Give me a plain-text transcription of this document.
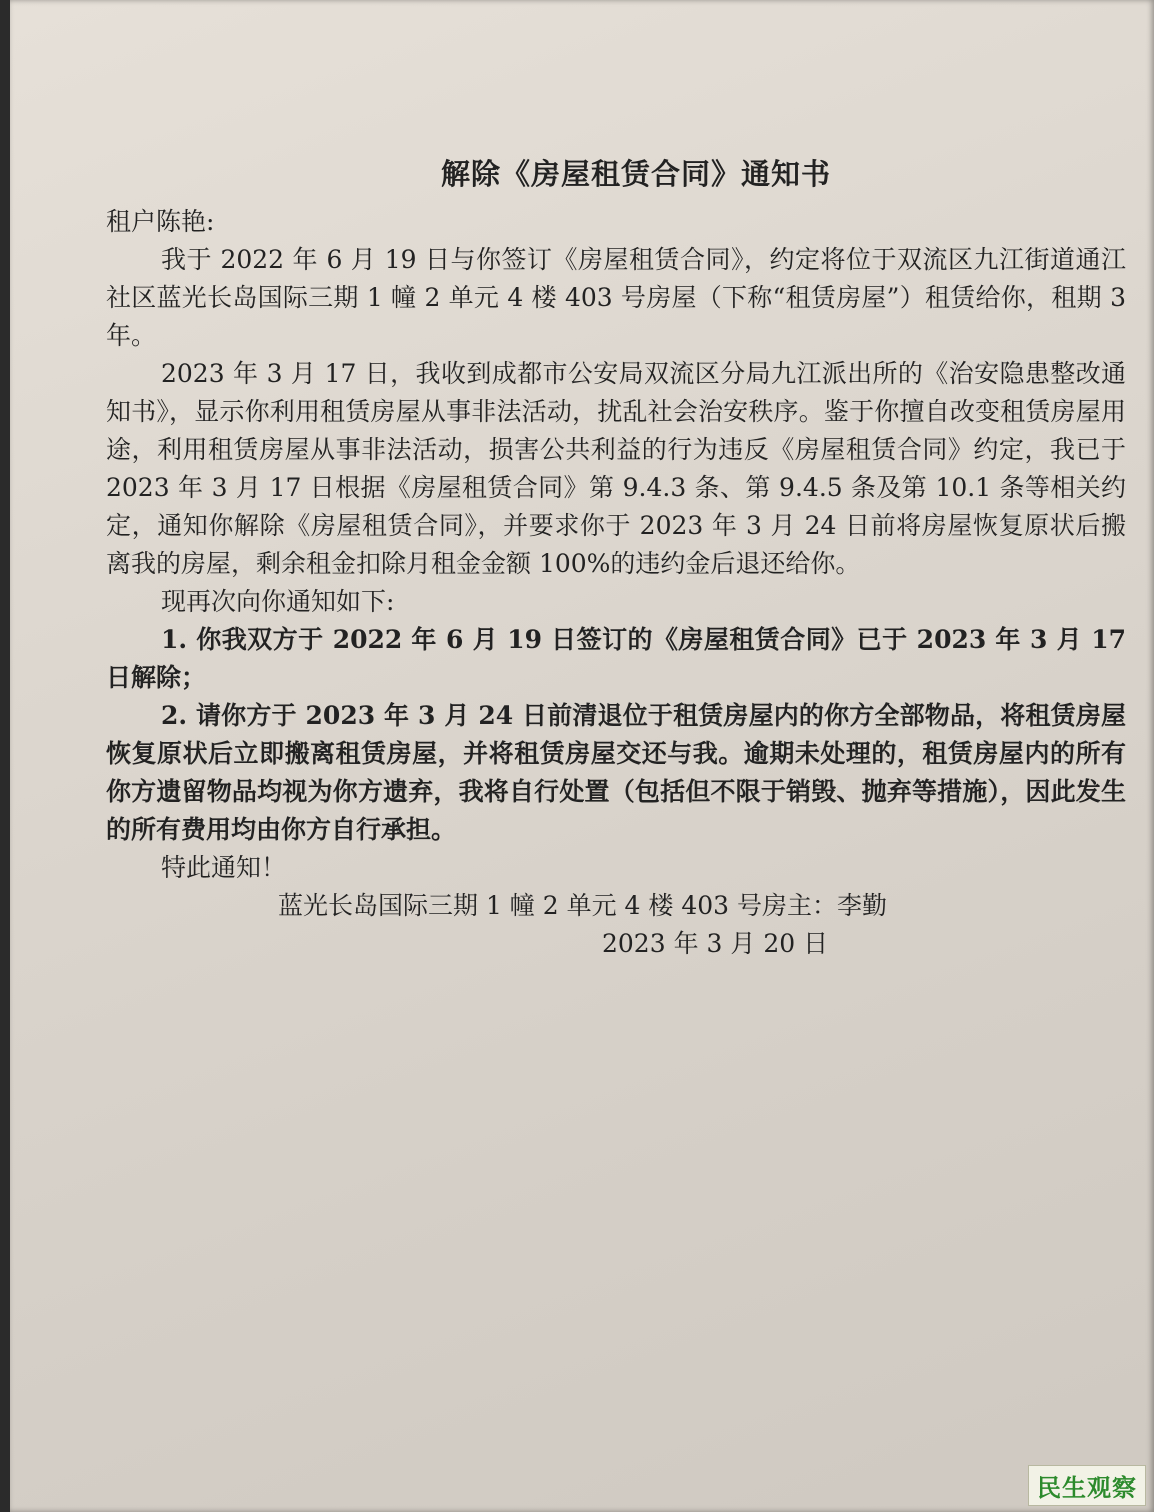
解除《房屋租赁合同》通知书

租户陈艳:

我于 2022 年 6 月 19 日与你签订《房屋租赁合同》，约定将位于双流区九江街道通江社区蓝光长岛国际三期 1 幢 2 单元 4 楼 403 号房屋（下称“租赁房屋”）租赁给你，租期 3 年。

2023 年 3 月 17 日，我收到成都市公安局双流区分局九江派出所的《治安隐患整改通知书》，显示你利用租赁房屋从事非法活动，扰乱社会治安秩序。鉴于你擅自改变租赁房屋用途，利用租赁房屋从事非法活动，损害公共利益的行为违反《房屋租赁合同》约定，我已于 2023 年 3 月 17 日根据《房屋租赁合同》第 9.4.3 条、第 9.4.5 条及第 10.1 条等相关约定，通知你解除《房屋租赁合同》，并要求你于 2023 年 3 月 24 日前将房屋恢复原状后搬离我的房屋，剩余租金扣除月租金金额 100%的违约金后退还给你。

现再次向你通知如下:

1. 你我双方于 2022 年 6 月 19 日签订的《房屋租赁合同》已于 2023 年 3 月 17 日解除；

2. 请你方于 2023 年 3 月 24 日前清退位于租赁房屋内的你方全部物品，将租赁房屋恢复原状后立即搬离租赁房屋，并将租赁房屋交还与我。逾期未处理的，租赁房屋内的所有你方遗留物品均视为你方遗弃，我将自行处置（包括但不限于销毁、抛弃等措施），因此发生的所有费用均由你方自行承担。

特此通知！

蓝光长岛国际三期 1 幢 2 单元 4 楼 403 号房主：李勤

2023 年 3 月 20 日

民生观察
